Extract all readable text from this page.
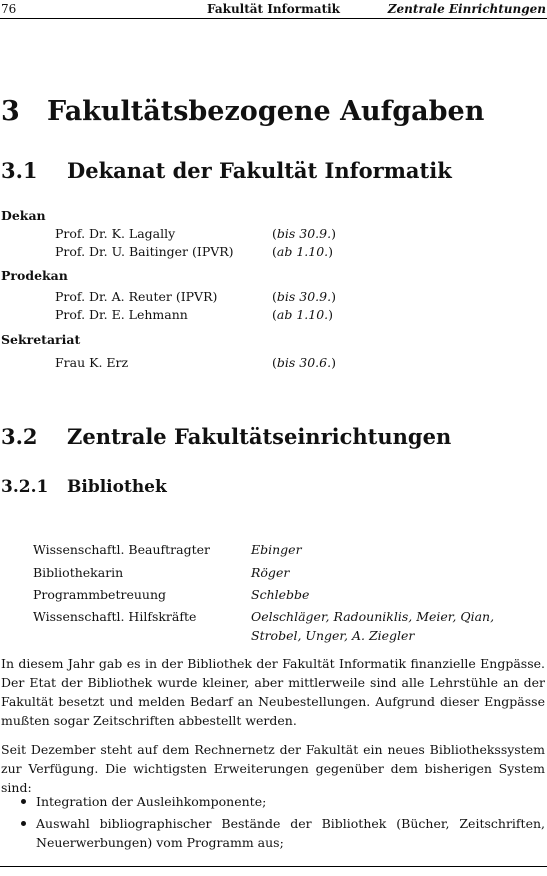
76	Fakultät Informatik	Zentrale Einrichtungen
3 Fakultätsbezogene Aufgaben
3.1 Dekanat der Fakultät Informatik
Dekan
Prof. Dr. K. Lagally	(bis 30.9.)
Prof. Dr. U. Baitinger (IPVR)	(ab 1.10.)
Prodekan
Prof. Dr. A. Reuter (IPVR)	(bis 30.9.)
Prof. Dr. E. Lehmann	(ab 1.10.)
Sekretariat
Frau K. Erz	(bis 30.6.)
3.2 Zentrale Fakultätseinrichtungen
3.2.1 Bibliothek
Wissenschaftl. Beauftragter	Ebinger
Bibliothekarin	Röger
Programmbetreuung	Schlebbe
Wissenschaftl. Hilfskräfte	Oelschläger, Radouniklis, Meier, Qian,
Strobel, Unger, A. Ziegler
In diesem Jahr gab es in der Bibliothek der Fakultät Informatik finanzielle Engpässe. Der Etat der Bibliothek wurde kleiner, aber mittlerweile sind alle Lehrstühle an der Fakultät besetzt und melden Bedarf an Neubestellungen. Aufgrund dieser Engpässe mußten sogar Zeitschriften abbestellt werden.
Seit Dezember steht auf dem Rechnernetz der Fakultät ein neues Bibliothekssystem zur Verfügung. Die wichtigsten Erweiterungen gegenüber dem bisherigen System sind:
Integration der Ausleihkomponente;
Auswahl bibliographischer Bestände der Bibliothek (Bücher, Zeitschriften, Neuerwerbungen) vom Programm aus;
